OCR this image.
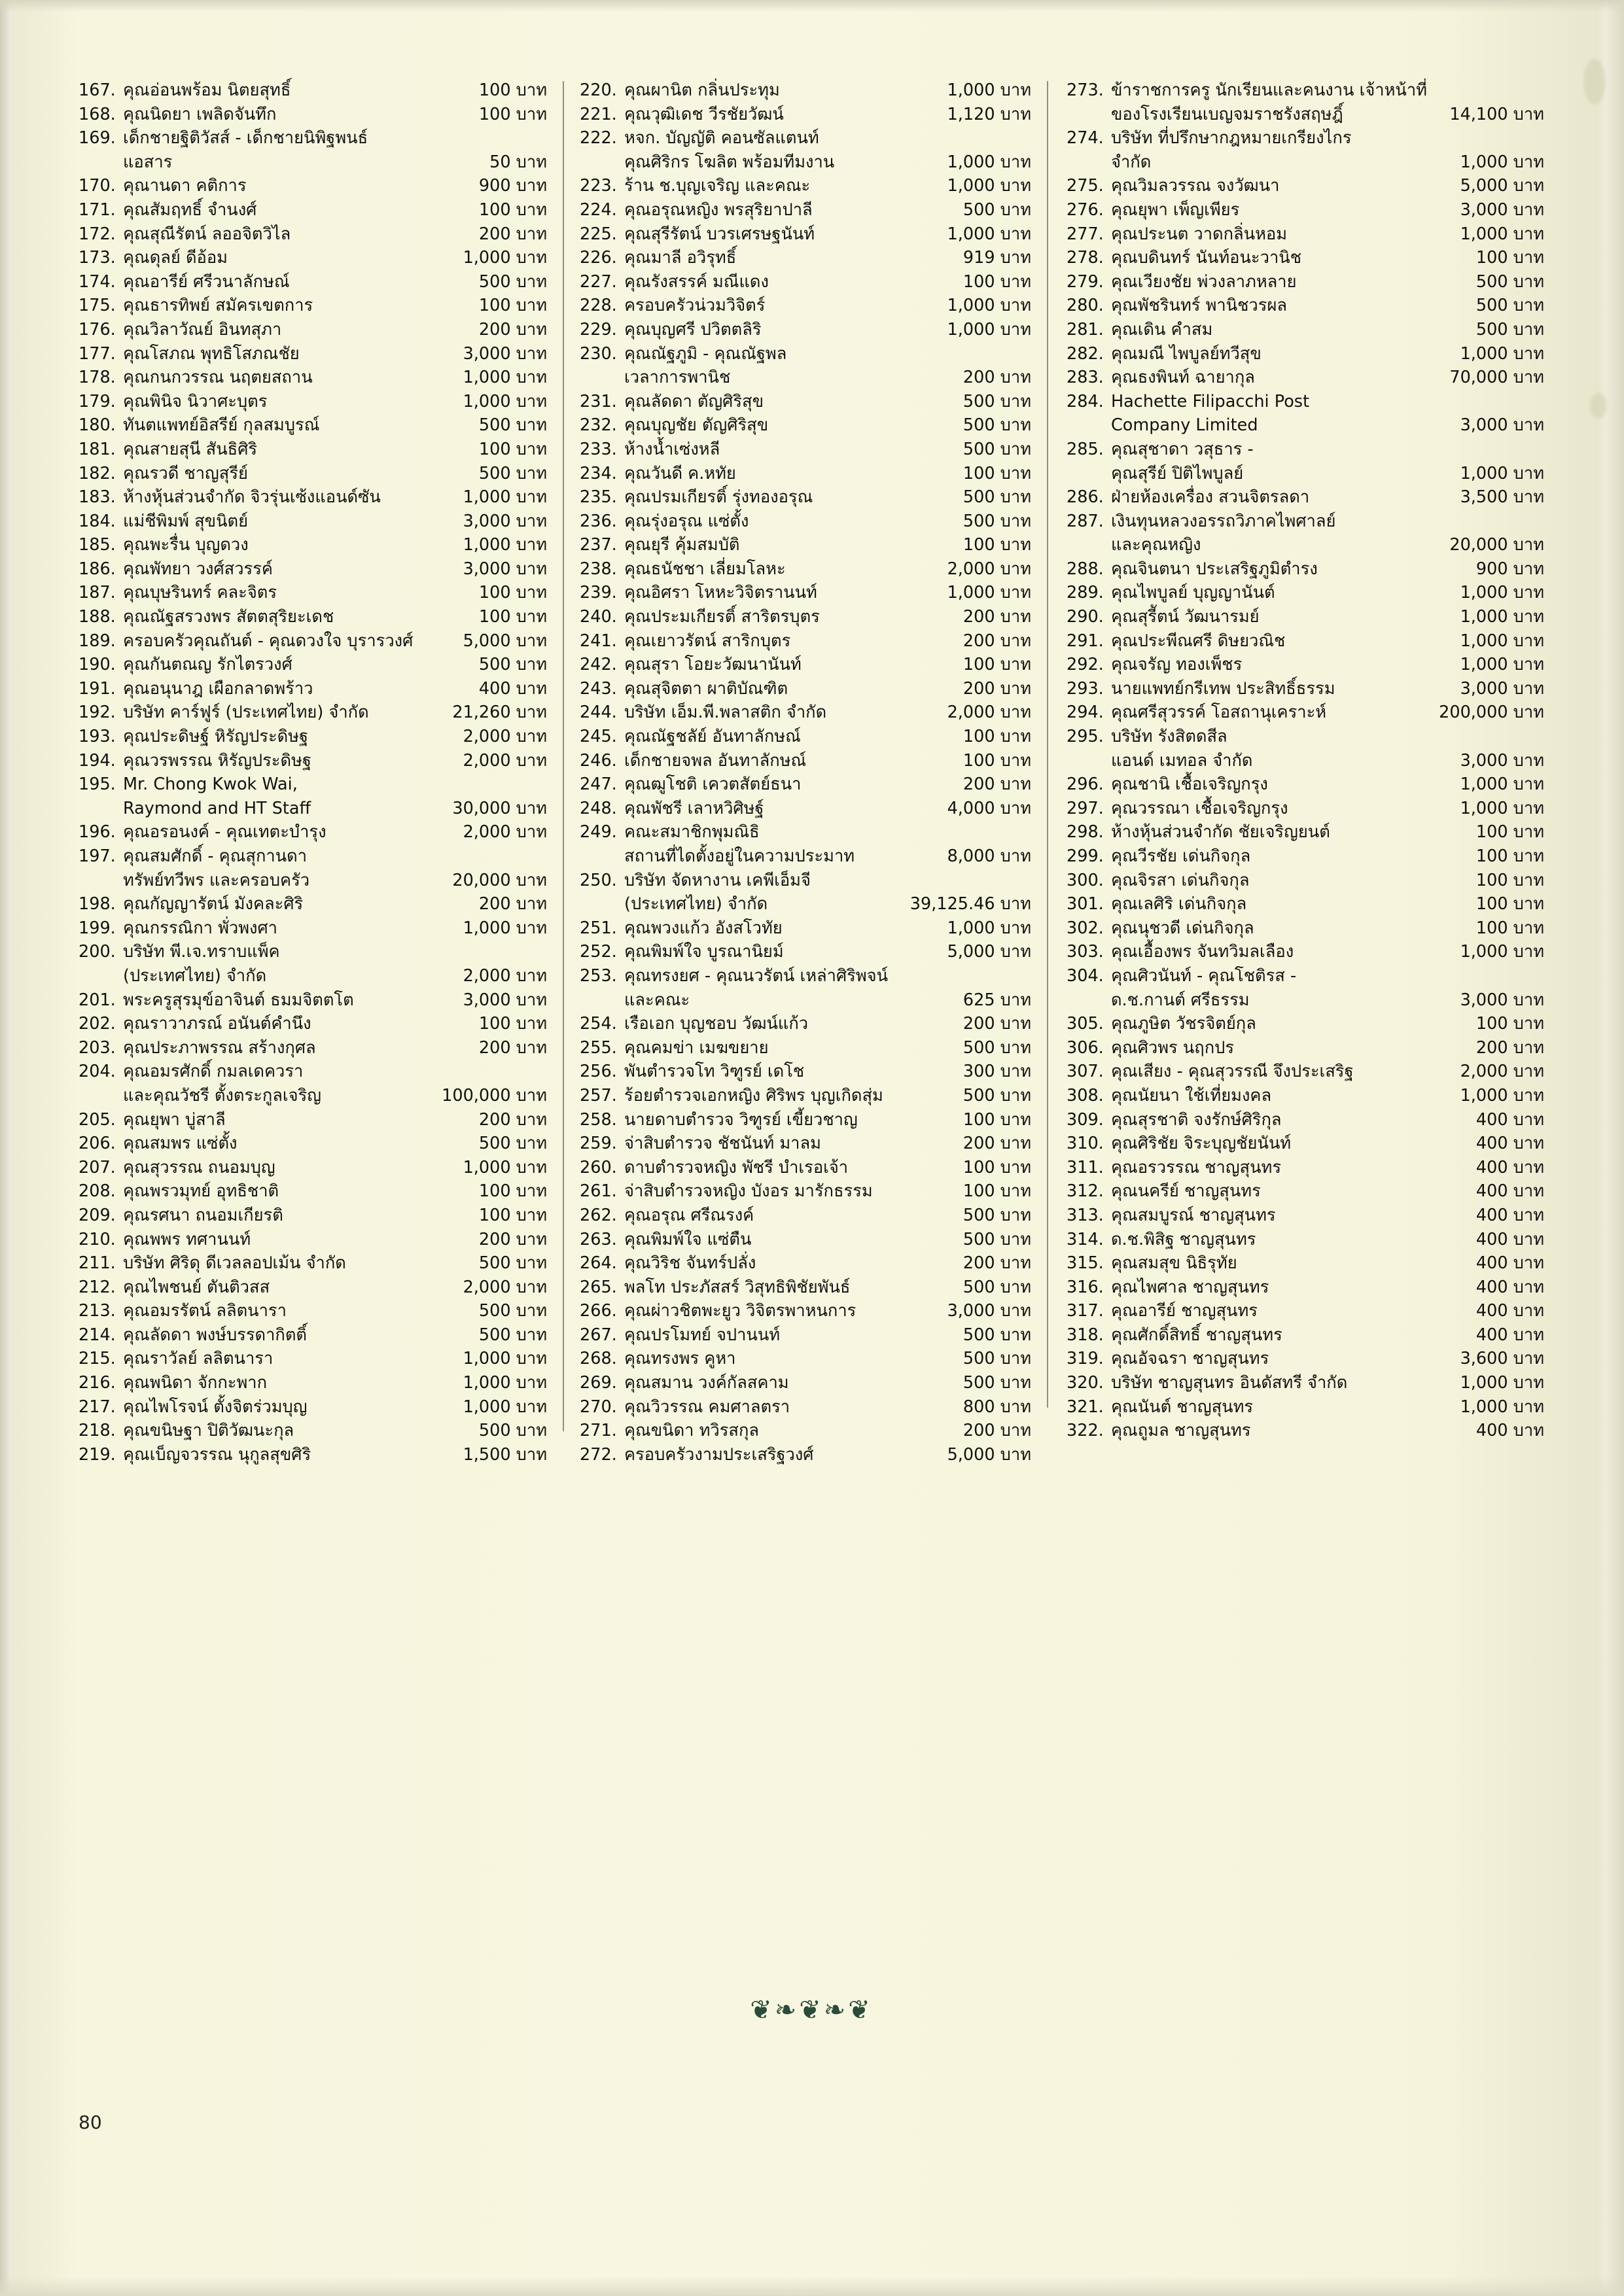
167. คุณอ่อนพร้อม นิตยสุทธิ์	100 บาท
168. คุณนิดยา เพลิดจันทึก	100 บาท
169. เด็กชายฐิติวัสส์ - เด็กชายนิพิฐพนธ์
แอสาร	50 บาท
170. คุณานดา คติการ	900 บาท
171. คุณสัมฤทธิ์ จำนงศ์	100 บาท
172. คุณสุณีรัตน์ ลออจิตวิไล	200 บาท
173. คุณดุลย์ ดีอ้อม	1,000 บาท
174. คุณอารีย์ ศรีวนาลักษณ์	500 บาท
175. คุณธารทิพย์ สมัครเขตการ	100 บาท
176. คุณวิลาวัณย์ อินทสุภา	200 บาท
177. คุณโสภณ พุทธิโสภณชัย	3,000 บาท
178. คุณกนกวรรณ นฤตยสถาน	1,000 บาท
179. คุณพินิจ นิวาศะบุตร	1,000 บาท
180. ทันตแพทย์อิสรีย์ กุลสมบูรณ์	500 บาท
181. คุณสายสุนี สันธิศิริ	100 บาท
182. คุณรวดี ชาญสุรีย์	500 บาท
183. ห้างหุ้นส่วนจำกัด จิวรุ่นเซ้งแอนด์ซัน	1,000 บาท
184. แม่ชีพิมพ์ สุขนิตย์	3,000 บาท
185. คุณพะรื่น บุญดวง	1,000 บาท
186. คุณพัทยา วงศ์สวรรค์	3,000 บาท
187. คุณบุษรินทร์ คละจิตร	100 บาท
188. คุณณัฐสรวงพร สัตตสุริยะเดช	100 บาท
189. ครอบครัวคุณถันต์ - คุณดวงใจ บุรารวงศ์	5,000 บาท
190. คุณกันตณญ รักไตรวงศ์	500 บาท
191. คุณอนุนาฎ เผือกลาดพร้าว	400 บาท
192. บริษัท คาร์ฟูร์ (ประเทศไทย) จำกัด	21,260 บาท
193. คุณประดิษฐ์ หิรัญประดิษฐ	2,000 บาท
194. คุณวรพรรณ หิรัญประดิษฐ	2,000 บาท
195. Mr. Chong Kwok Wai,
Raymond and HT Staff	30,000 บาท
196. คุณอรอนงค์ - คุณเทตะบำรุง	2,000 บาท
197. คุณสมศักดิ์ - คุณสุกานดา
ทรัพย์ทวีพร และครอบครัว	20,000 บาท
198. คุณกัญญารัตน์ มังคละศิริ	200 บาท
199. คุณกรรณิกา พั่วพงศา	1,000 บาท
200. บริษัท พี.เจ.ทราบแพ็ค
(ประเทศไทย) จำกัด	2,000 บาท
201. พระครูสุรมุข์อาจินต์ ธมมจิตตโต	3,000 บาท
202. คุณราวาภรณ์ อนันต์คำนึง	100 บาท
203. คุณประภาพรรณ สร้างกุศล	200 บาท
204. คุณอมรศักดิ์ กมลเดควรา
และคุณวัชรี ตั้งตระกูลเจริญ	100,000 บาท
205. คุณยุพา บู่สาลี	200 บาท
206. คุณสมพร แซ่ตั้ง	500 บาท
207. คุณสุวรรณ ถนอมบุญ	1,000 บาท
208. คุณพรวมุทย์ อุทธิชาติ	100 บาท
209. คุณรศนา ถนอมเกียรติ	100 บาท
210. คุณพพร ทศานนท์	200 บาท
211. บริษัท ศิริดุ ดีเวลลอปเม้น จำกัด	500 บาท
212. คุณไพชนย์ ตันติวสส	2,000 บาท
213. คุณอมรรัตน์ ลลิตนารา	500 บาท
214. คุณลัดดา พงษ์บรรดากิตติ์	500 บาท
215. คุณราวัลย์ ลลิตนารา	1,000 บาท
216. คุณพนิดา จักกะพาก	1,000 บาท
217. คุณไพโรจน์ ตั้งจิตร่วมบุญ	1,000 บาท
218. คุณขนิษฐา ปิติวัฒนะกุล	500 บาท
219. คุณเบ็ญจวรรณ นุกูลสุขศิริ	1,500 บาท
220. คุณผานิต กลิ่นประทุม	1,000 บาท
221. คุณวุฒิเดช วีรชัยวัฒน์	1,120 บาท
222. หจก. บัญญัติ คอนซัลแตนท์
คุณศิริกร โฆลิต พร้อมทีมงาน	1,000 บาท
223. ร้าน ช.บุญเจริญ และคณะ	1,000 บาท
224. คุณอรุณหญิง พรสุริยาปาลี	500 บาท
225. คุณสุรีรัตน์ บวรเศรษฐนันท์	1,000 บาท
226. คุณมาลี อวิรุทธิ์	919 บาท
227. คุณรังสรรค์ มณีแดง	100 บาท
228. ครอบครัวน่วมวิจิตร์	1,000 บาท
229. คุณบุญศรี ปวิตตลิริ	1,000 บาท
230. คุณณัฐภูมิ - คุณณัฐพล
เวลาการพานิช	200 บาท
231. คุณลัดดา ตัญศิริสุข	500 บาท
232. คุณบุญชัย ตัญศิริสุข	500 บาท
233. ห้างน้ำเซ่งหลี	500 บาท
234. คุณวันดี ค.หทัย	100 บาท
235. คุณปรมเกียรติ์ รุ่งทองอรุณ	500 บาท
236. คุณรุ่งอรุณ แซ่ตั้ง	500 บาท
237. คุณยุรี คุ้มสมบัติ	100 บาท
238. คุณธนัชชา เลี่ยมโลหะ	2,000 บาท
239. คุณอิศรา โหหะวิจิตรานนท์	1,000 บาท
240. คุณประมเกียรติ์ สาริตรบุตร	200 บาท
241. คุณเยาวรัตน์ สาริกบุตร	200 บาท
242. คุณสุรา โอยะวัฒนานันท์	100 บาท
243. คุณสุจิตตา ผาติบัณฑิต	200 บาท
244. บริษัท เอ็ม.พี.พลาสติก จำกัด	2,000 บาท
245. คุณณัฐชลัย์ อันทาลักษณ์	100 บาท
246. เด็กชายจพล อันทาลักษณ์	100 บาท
247. คุณฒูโชติ เควตสัตย์ธนา	200 บาท
248. คุณพัชรี เลาหวิศิษฐ์	4,000 บาท
249. คณะสมาชิกพุมณิธิ
สถานที่ไดตั้งอยู่ในความประมาท	8,000 บาท
250. บริษัท จัดหางาน เคพีเอ็มจี
(ประเทศไทย) จำกัด	39,125.46 บาท
251. คุณพวงแก้ว อังสโวทัย	1,000 บาท
252. คุณพิมพ์ใจ บูรณานิยม์	5,000 บาท
253. คุณทรงยศ - คุณนวรัตน์ เหล่าศิริพจน์
และคณะ	625 บาท
254. เรือเอก บุญชอบ วัฒน์แก้ว	200 บาท
255. คุณคมข่า เมฆขยาย	500 บาท
256. พันตำรวจโท วิฑูรย์ เดโช	300 บาท
257. ร้อยตำรวจเอกหญิง ศิริพร บุญเกิดสุ่ม	500 บาท
258. นายดาบตำรวจ วิฑูรย์ เขี้ยวชาญ	100 บาท
259. จ่าสิบตำรวจ ชัชนันท์ มาลม	200 บาท
260. ดาบตำรวจหญิง พัชรี บำเรอเจ้า	100 บาท
261. จ่าสิบตำรวจหญิง บังอร มารักธรรม	100 บาท
262. คุณอรุณ ศรีณรงค์	500 บาท
263. คุณพิมพ์ใจ แซ่ตืน	500 บาท
264. คุณวิริช จันทร์ปลั่ง	200 บาท
265. พลโท ประภัสสร์ วิสุทธิพิชัยพันธ์	500 บาท
266. คุณผ่าวชิตพะยูว วิจิตรพาหนการ	3,000 บาท
267. คุณปรโมทย์ จปานนท์	500 บาท
268. คุณทรงพร คูหา	500 บาท
269. คุณสมาน วงค์กัลสคาม	500 บาท
270. คุณวิวรรณ คมศาลตรา	800 บาท
271. คุณขนิดา ทวิรสกุล	200 บาท
272. ครอบครัวงามประเสริฐวงศ์	5,000 บาท
273. ข้าราชการครู นักเรียนและคนงาน เจ้าหน้าที่
ของโรงเรียนเบญจมราชรังสฤษฎิ์	14,100 บาท
274. บริษัท ที่ปรึกษากฎหมายเกรียงไกร
จำกัด	1,000 บาท
275. คุณวิมลวรรณ จงวัฒนา	5,000 บาท
276. คุณยุพา เพ็ญเพียร	3,000 บาท
277. คุณประนต วาดกลิ่นหอม	1,000 บาท
278. คุณบดินทร์ นันท์อนะวานิช	100 บาท
279. คุณเวียงชัย พ่วงลาภหลาย	500 บาท
280. คุณพัชรินทร์ พานิชวรผล	500 บาท
281. คุณเดิน คำสม	500 บาท
282. คุณมณี ไพบูลย์ทวีสุข	1,000 บาท
283. คุณธงพินท์ ฉายากุล	70,000 บาท
284. Hachette Filipacchi Post
Company Limited	3,000 บาท
285. คุณสุชาดา วสุธาร -
คุณสุรีย์ ปิติไพบูลย์	1,000 บาท
286. ฝ่ายห้องเครื่อง สวนจิตรลดา	3,500 บาท
287. เงินทุนหลวงอรรถวิภาคไพศาลย์
และคุณหญิง	20,000 บาท
288. คุณจินตนา ประเสริฐภูมิตำรง	900 บาท
289. คุณไพบูลย์ บุญญานันต์	1,000 บาท
290. คุณสุรีัตน์ วัฒนารมย์	1,000 บาท
291. คุณประพีณศรี ดิษยวณิช	1,000 บาท
292. คุณจรัญ ทองเพ็ชร	1,000 บาท
293. นายแพทย์กรีเทพ ประสิทธิ์ธรรม	3,000 บาท
294. คุณศรีสุวรรค์ โอสถานุเคราะห์	200,000 บาท
295. บริษัท รังสิตดสีล
แอนด์ เมทอล จำกัด	3,000 บาท
296. คุณชานิ เชื้อเจริญกรุง	1,000 บาท
297. คุณวรรณา เชื้อเจริญกรุง	1,000 บาท
298. ห้างหุ้นส่วนจำกัด ชัยเจริญยนต์	100 บาท
299. คุณวีรชัย เด่นกิจกุล	100 บาท
300. คุณจิรสา เด่นกิจกุล	100 บาท
301. คุณเลศิริ เด่นกิจกุล	100 บาท
302. คุณนุชวดี เด่นกิจกุล	100 บาท
303. คุณเอื้องพร จันทวิมลเลือง	1,000 บาท
304. คุณศิวนันท์ - คุณโชติรส -
ด.ช.กานต์ ศรีธรรม	3,000 บาท
305. คุณภูษิต วัชรจิตย์กุล	100 บาท
306. คุณศิวพร นฤกปร	200 บาท
307. คุณเสียง - คุณสุวรรณี จึงประเสริฐ	2,000 บาท
308. คุณนัยนา ใช้เที่ยมงคล	1,000 บาท
309. คุณสุรชาติ จงรักษ์ศิริกุล	400 บาท
310. คุณศิริชัย จิระบุญชัยนันท์	400 บาท
311. คุณอรวรรณ ชาญสุนทร	400 บาท
312. คุณนครีย์ ชาญสุนทร	400 บาท
313. คุณสมบูรณ์ ชาญสุนทร	400 บาท
314. ด.ช.พิสิฐ ชาญสุนทร	400 บาท
315. คุณสมสุข นิธิรุทัย	400 บาท
316. คุณไพศาล ชาญสุนทร	400 บาท
317. คุณอารีย์ ชาญสุนทร	400 บาท
318. คุณศักดิ์สิทธิ์ ชาญสุนทร	400 บาท
319. คุณอัจฉรา ชาญสุนทร	3,600 บาท
320. บริษัท ชาญสุนทร อินดัสทรี จำกัด	1,000 บาท
321. คุณนันต์ ชาญสุนทร	1,000 บาท
322. คุณถูมล ชาญสุนทร	400 บาท
❦❧❦❧❦
80
